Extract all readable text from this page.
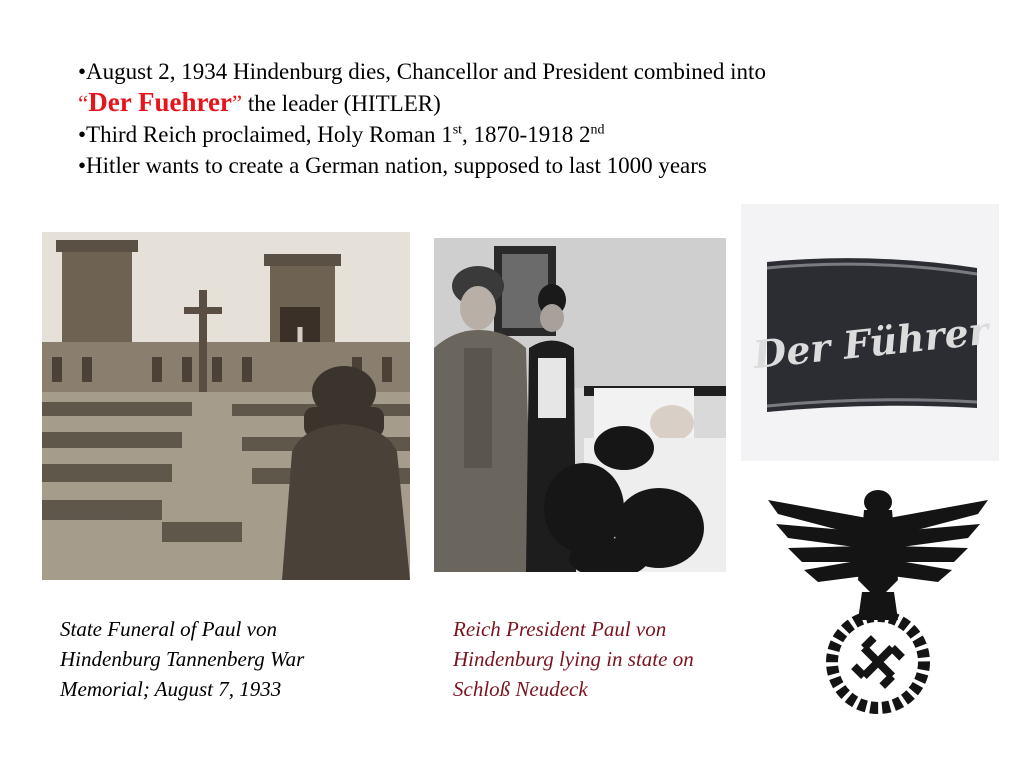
•August 2, 1934 Hindenburg dies, Chancellor and President combined into
“Der Fuehrer” the leader (HITLER)
•Third Reich proclaimed, Holy Roman 1st, 1870-1918 2nd
•Hitler wants to create a German nation, supposed to last 1000 years
Der Führer
State Funeral of Paul von Hindenburg Tannenberg War Memorial; August 7, 1933
Reich President Paul von Hindenburg lying in state on Schloß Neudeck
